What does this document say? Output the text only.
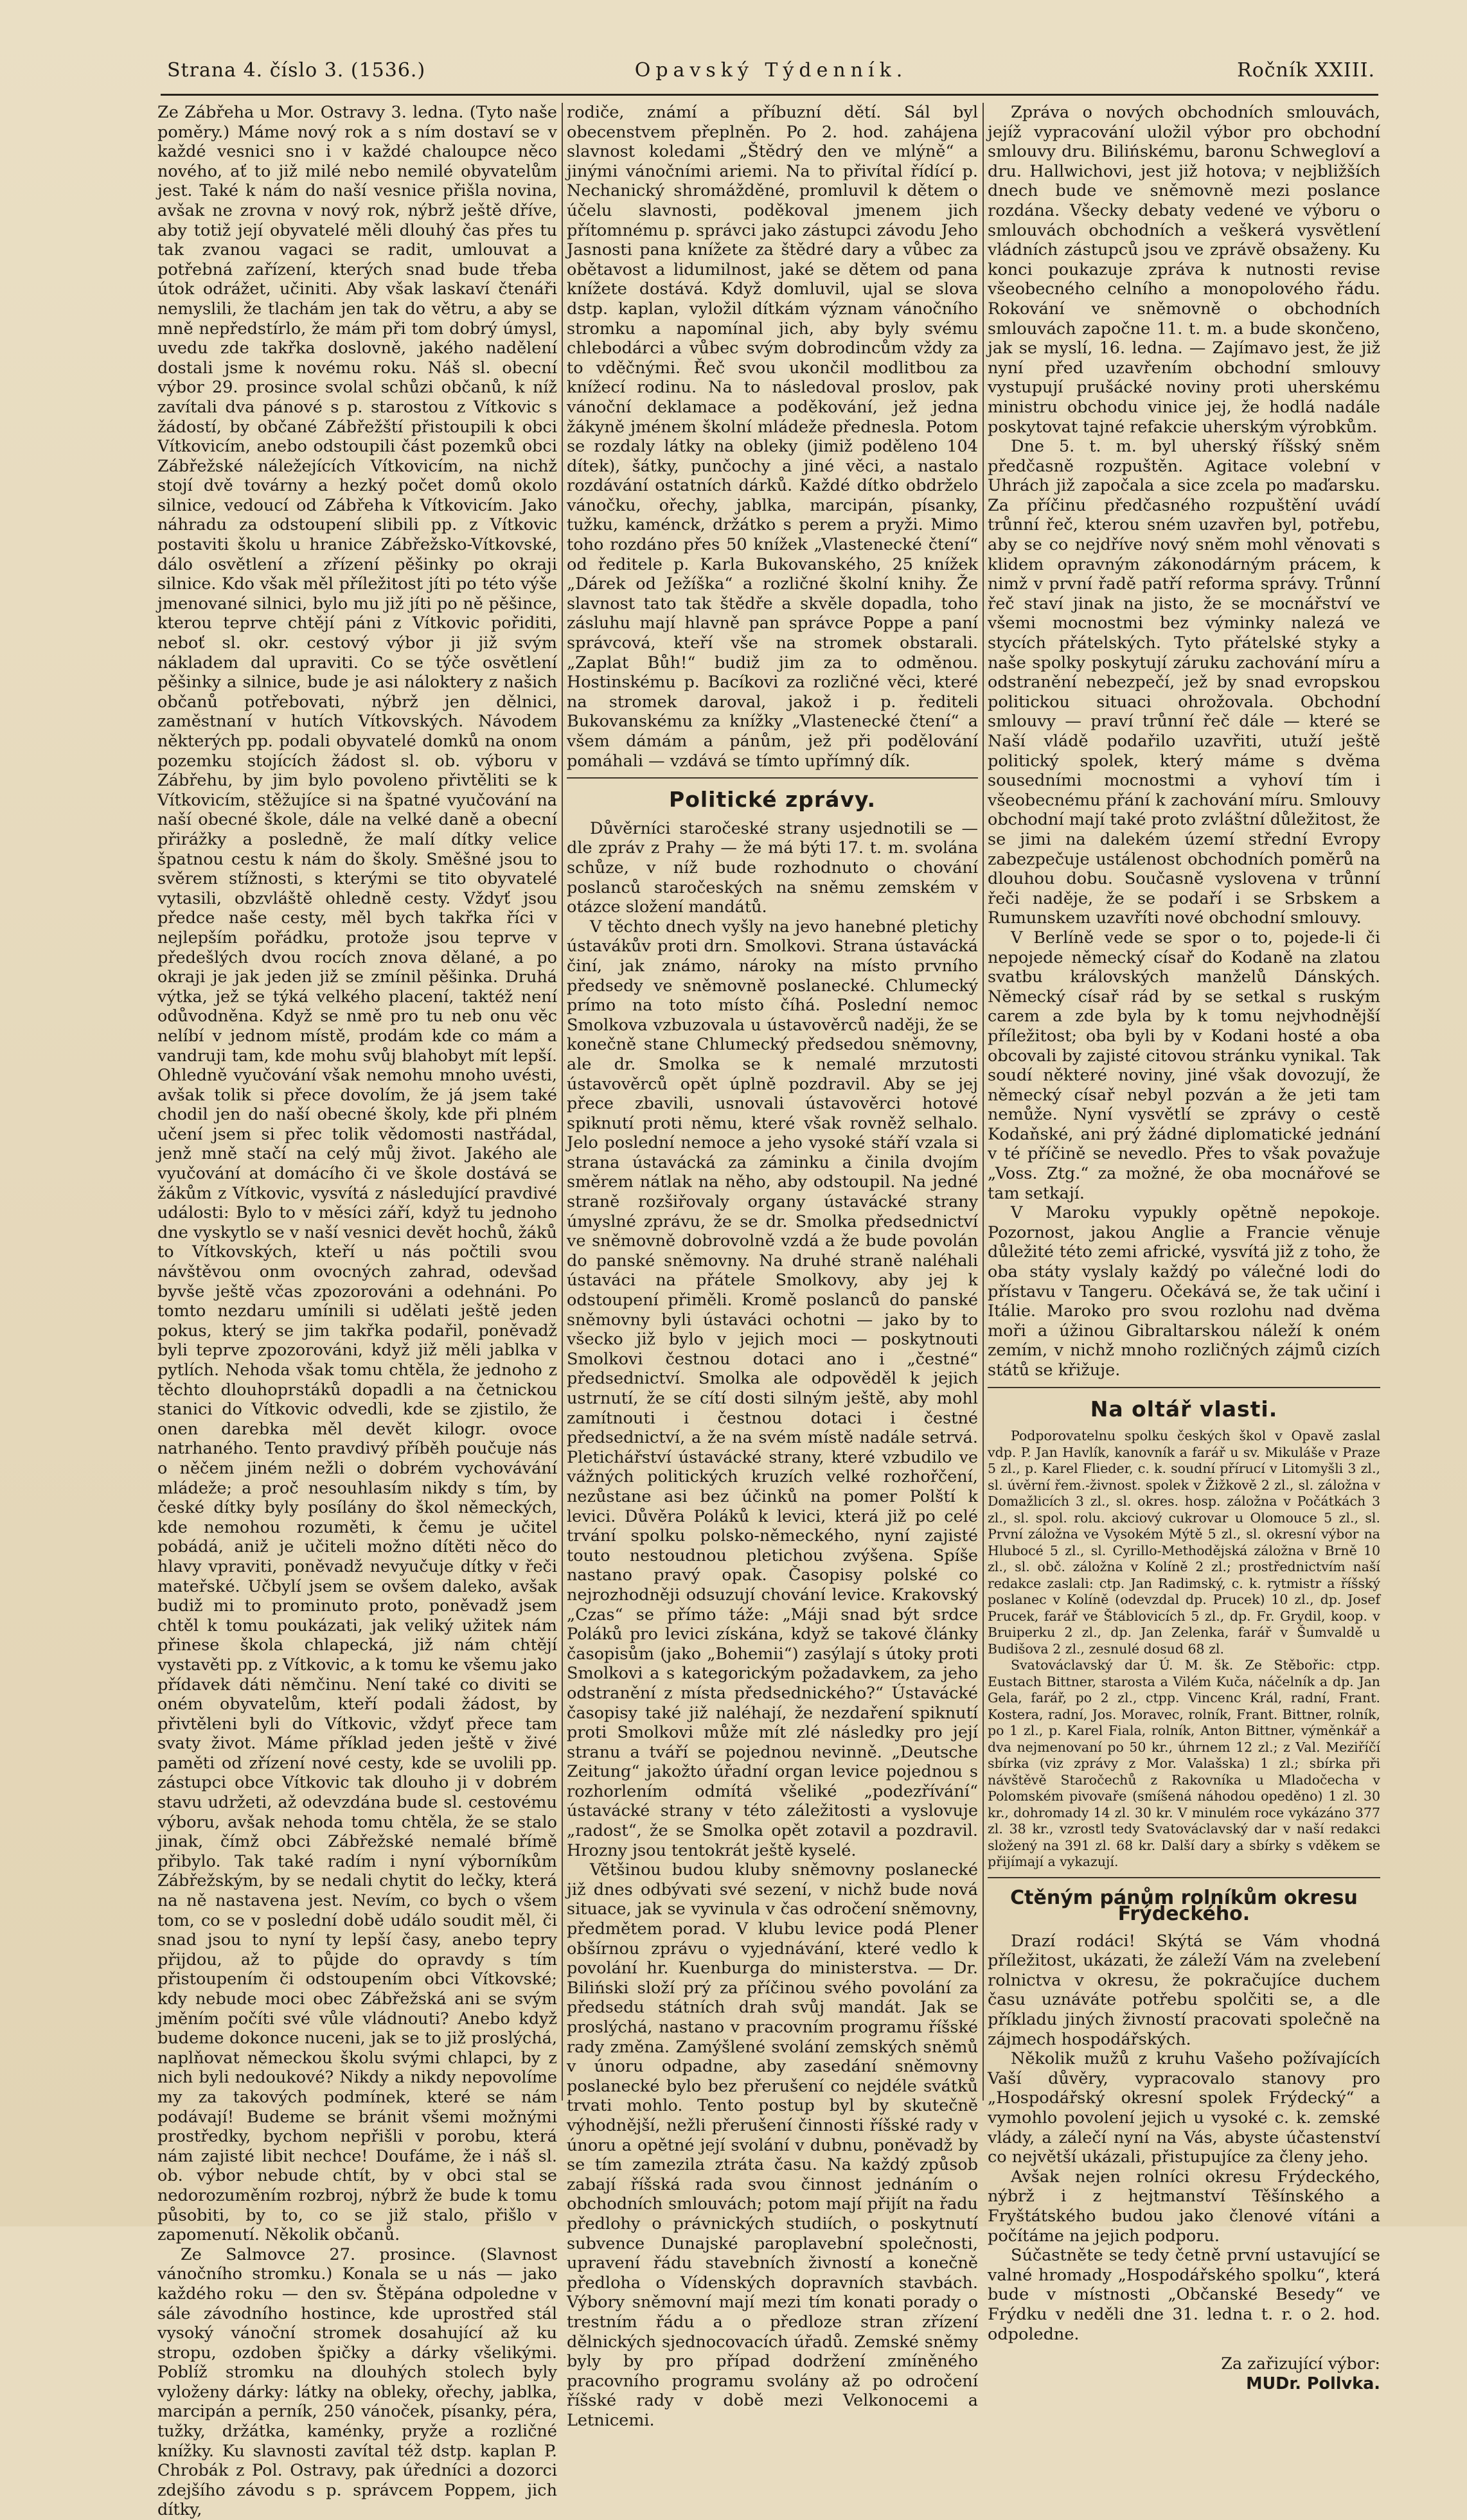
Strana 4. číslo 3. (1536.)	Opavský Týdenník.	Ročník XXIII.

Ze Zábřeha u Mor. Ostravy 3. ledna. (Tyto naše poměry.) Máme nový rok a s ním dostaví se v každé vesnici sno i v každé chaloupce něco nového, ať to již milé nebo nemilé obyvatelům jest. Také k nám do naší vesnice přišla novina, avšak ne zrovna v nový rok, nýbrž ještě dříve, aby totiž její obyvatelé měli dlouhý čas přes tu tak zvanou vagaci se radit, umlouvat a potřebná zařízení, kterých snad bude třeba útok odrážet, učiniti. Aby však laskaví čtenáři nemyslili, že tlachám jen tak do větru, a aby se mně nepředstírlo, že mám při tom dobrý úmysl, uvedu zde takřka doslovně, jakého nadělení dostali jsme k novému roku. Náš sl. obecní výbor 29. prosince svolal schůzi občanů, k níž zavítali dva pánové s p. starostou z Vítkovic s žádostí, by občané Zábřežští přistoupili k obci Vítkovicím, anebo odstoupili část pozemků obci Zábřežské náležejících Vítkovicím, na nichž stojí dvě továrny a hezký počet domů okolo silnice, vedoucí od Zábřeha k Vítkovicím. Jako náhradu za odstoupení slibili pp. z Vítkovic postaviti školu u hranice Zábřežsko-Vítkovské, dálo osvětlení a zřízení pěšinky po okraji silnice. Kdo však měl příležitost jíti po této výše jmenované silnici, bylo mu již jíti po ně pěšince, kterou teprve chtějí páni z Vítkovic pořiditi, neboť sl. okr. cestový výbor ji již svým nákladem dal upraviti. Co se týče osvětlení pěšinky a silnice, bude je asi náloktery z našich občanů potřebovati, nýbrž jen dělnici, zaměstnaní v hutích Vítkovských. Návodem některých pp. podali obyvatelé domků na onom pozemku stojících žádost sl. ob. výboru v Zábřehu, by jim bylo povoleno přivtěliti se k Vítkovicím, stěžujíce si na špatné vyučování na naší obecné škole, dále na velké daně a obecní přirážky a posledně, že malí dítky velice špatnou cestu k nám do školy. Směšné jsou to svěrem stížnosti, s kterými se tito obyvatelé vytasili, obzvláště ohledně cesty. Vždyť jsou předce naše cesty, měl bych takřka říci v nejlepším pořádku, protože jsou teprve v předešlých dvou rocích znova dělané, a po okraji je jak jeden již se zmínil pěšinka. Druhá výtka, jež se týká velkého placení, taktéž není odůvodněna. Když se nmě pro tu neb onu věc nelíbí v jednom místě, prodám kde co mám a vandruji tam, kde mohu svůj blahobyt mít lepší. Ohledně vyučování však nemohu mnoho uvésti, avšak tolik si přece dovolím, že já jsem také chodil jen do naší obecné školy, kde při plném učení jsem si přec tolik vědomosti nastřádal, jenž mně stačí na celý můj život. Jakého ale vyučování at domácího či ve škole dostává se žákům z Vítkovic, vysvítá z následující pravdivé události: Bylo to v měsíci září, když tu jednoho dne vyskytlo se v naší vesnici devět hochů, žáků to Vítkovských, kteří u nás počtili svou návštěvou onm ovocných zahrad, odevšad byvše ještě včas zpozorováni a odehnáni. Po tomto nezdaru umínili si udělati ještě jeden pokus, který se jim takřka podařil, poněvadž byli teprve zpozorováni, když již měli jablka v pytlích. Nehoda však tomu chtěla, že jednoho z těchto dlouhoprstáků dopadli a na četnickou stanici do Vítkovic odvedli, kde se zjistilo, že onen darebka měl devět kilogr. ovoce natrhaného. Tento pravdivý příběh poučuje nás o něčem jiném nežli o dobrém vychovávání mládeže; a proč nesouhlasím nikdy s tím, by české dítky byly posílány do škol německých, kde nemohou rozuměti, k čemu je učitel pobádá, aniž je učiteli možno dítěti něco do hlavy vpraviti, poněvadž nevyučuje dítky v řeči mateřské. Učbylí jsem se ovšem daleko, avšak budiž mi to prominuto proto, poněvadž jsem chtěl k tomu poukázati, jak veliký užitek nám přinese škola chlapecká, již nám chtějí vystavěti pp. z Vítkovic, a k tomu ke všemu jako přídavek dáti němčinu. Není také co diviti se oném obyvatelům, kteří podali žádost, by přivtěleni byli do Vítkovic, vždyť přece tam svaty život. Máme příklad jeden ještě v živé paměti od zřízení nové cesty, kde se uvolili pp. zástupci obce Vítkovic tak dlouho ji v dobrém stavu udržeti, až odevzdána bude sl. cestovému výboru, avšak nehoda tomu chtěla, že se stalo jinak, čímž obci Zábřežské nemalé břímě přibylo. Tak také radím i nyní výborníkům Zábřežským, by se nedali chytit do lečky, která na ně nastavena jest. Nevím, co bych o všem tom, co se v poslední době událo soudit měl, či snad jsou to nyní ty lepší časy, anebo tepry přijdou, až to půjde do opravdy s tím přistoupením či odstoupením obci Vítkovské; kdy nebude moci obec Zábřežská ani se svým jměním počíti své vůle vládnouti? Anebo když budeme dokonce nuceni, jak se to již proslýchá, naplňovat německou školu svými chlapci, by z nich byli nedoukové? Nikdy a nikdy nepovolíme my za takových podmínek, které se nám podávají! Budeme se bránit všemi možnými prostředky, bychom nepřišli v porobu, která nám zajisté libit nechce! Doufáme, že i náš sl. ob. výbor nebude chtít, by v obci stal se nedorozuměním rozbroj, nýbrž že bude k tomu působiti, by to, co se již stalo, přišlo v zapomenutí. Několik občanů.

Ze Salmovce 27. prosince. (Slavnost vánočního stromku.) Konala se u nás — jako každého roku — den sv. Štěpána odpoledne v sále závodního hostince, kde uprostřed stál vysoký vánoční stromek dosahující až ku stropu, ozdoben špičky a dárky všelikými. Poblíž stromku na dlouhých stolech byly vyloženy dárky: látky na obleky, ořechy, jablka, marcipán a perník, 250 vánoček, písanky, péra, tužky, držátka, kaménky, pryže a rozličné knížky. Ku slavnosti zavítal též dstp. kaplan P. Chrobák z Pol. Ostravy, pak úředníci a dozorci zdejšího závodu s p. správcem Poppem, jich dítky,

rodiče, známí a příbuzní dětí. Sál byl obecenstvem přeplněn. Po 2. hod. zahájena slavnost koledami „Štědrý den ve mlýně“ a jinými vánočními ariemi. Na to přivítal řídící p. Nechanický shromážděné, promluvil k dětem o účelu slavnosti, poděkoval jmenem jich přítomnému p. správci jako zástupci závodu Jeho Jasnosti pana knížete za štědré dary a vůbec za obětavost a lidumilnost, jaké se dětem od pana knížete dostává. Když domluvil, ujal se slova dstp. kaplan, vyložil dítkám význam vánočního stromku a napomínal jich, aby byly svému chlebodárci a vůbec svým dobrodincům vždy za to vděčnými. Řeč svou ukončil modlitbou za knížecí rodinu. Na to následoval proslov, pak vánoční deklamace a poděkování, jež jedna žákyně jménem školní mládeže přednesla. Potom se rozdaly látky na obleky (jimiž poděleno 104 dítek), šátky, punčochy a jiné věci, a nastalo rozdávání ostatních dárků. Každé dítko obdrželo vánočku, ořechy, jablka, marcipán, písanky, tužku, kaménck, držátko s perem a pryži. Mimo toho rozdáno přes 50 knížek „Vlastenecké čtení“ od ředitele p. Karla Bukovanského, 25 knížek „Dárek od Ježíška“ a rozličné školní knihy. Že slavnost tato tak štědře a skvěle dopadla, toho zásluhu mají hlavně pan správce Poppe a paní správcová, kteří vše na stromek obstarali. „Zaplat Bůh!“ budiž jim za to odměnou. Hostinskému p. Bacíkovi za rozličné věci, které na stromek daroval, jakož i p. řediteli Bukovanskému za knížky „Vlastenecké čtení“ a všem dámám a pánům, jež při podělování pomáhali — vzdává se tímto upřímný dík.

Politické zprávy.

Důvěrníci staročeské strany usjednotili se — dle zpráv z Prahy — že má býti 17. t. m. svolána schůze, v níž bude rozhodnuto o chování poslanců staročeských na sněmu zemském v otázce složení mandátů.

V těchto dnech vyšly na jevo hanebné pletichy ústavákův proti drn. Smolkovi. Strana ústavácká činí, jak známo, nároky na místo prvního předsedy ve sněmovně poslanecké. Chlumecký prímo na toto místo číhá. Poslední nemoc Smolkova vzbuzovala u ústavověrců naději, že se konečně stane Chlumecký předsedou sněmovny, ale dr. Smolka se k nemalé mrzutosti ústavověrců opět úplně pozdravil. Aby se jej přece zbavili, usnovali ústavověrci hotové spiknutí proti němu, které však rovněž selhalo. Jelo poslední nemoce a jeho vysoké stáří vzala si strana ústavácká za záminku a činila dvojím směrem nátlak na něho, aby odstoupil. Na jedné straně rozšiřovaly organy ústavácké strany úmyslné zprávu, že se dr. Smolka předsednictví ve sněmovně dobrovolně vzdá a že bude povolán do panské sněmovny. Na druhé straně naléhali ústaváci na přátele Smolkovy, aby jej k odstoupení přiměli. Kromě poslanců do panské sněmovny byli ústaváci ochotni — jako by to všecko již bylo v jejich moci — poskytnouti Smolkovi čestnou dotaci ano i „čestné“ předsednictví. Smolka ale odpověděl k jejich ustrnutí, že se cítí dosti silným ještě, aby mohl zamítnouti i čestnou dotaci i čestné předsednictví, a že na svém místě nadále setrvá. Pletichářství ústavácké strany, které vzbudilo ve vážných politických kruzích velké rozhořčení, nezůstane asi bez účinků na pomer Polští k levici. Důvěra Poláků k levici, která již po celé trvání spolku polsko-německého, nyní zajisté touto nestoudnou pletichou zvýšena. Spíše nastano pravý opak. Časopisy polské co nejrozhodněji odsuzují chování levice. Krakovský „Czas“ se přímo táže: „Máji snad být srdce Poláků pro levici získána, když se takové články časopisům (jako „Bohemii“) zasýlají s útoky proti Smolkovi a s kategorickým požadavkem, za jeho odstranění z místa předsednického?“ Ústavácké časopisy také již naléhají, že nezdaření spiknutí proti Smolkovi může mít zlé následky pro její stranu a tváří se pojednou nevinně. „Deutsche Zeitung“ jakožto úřadní organ levice pojednou s rozhorlením odmítá všeliké „podezřívání“ ústavácké strany v této záležitosti a vyslovuje „radost“, že se Smolka opět zotavil a pozdravil. Hrozny jsou tentokrát ještě kyselé.

Většinou budou kluby sněmovny poslanecké již dnes odbývati své sezení, v nichž bude nová situace, jak se vyvinula v čas odročení sněmovny, předmětem porad. V klubu levice podá Plener obšírnou zprávu o vyjednávání, které vedlo k povolání hr. Kuenburga do ministerstva. — Dr. Biliński složí prý za příčinou svého povolání za předsedu státních drah svůj mandát. Jak se proslýchá, nastano v pracovním programu říšské rady změna. Zamýšlené svolání zemských sněmů v únoru odpadne, aby zasedání sněmovny poslanecké bylo bez přerušení co nejdéle svátků trvati mohlo. Tento postup byl by skutečně výhodnější, nežli přerušení činnosti říšské rady v únoru a opětné její svolání v dubnu, poněvadž by se tím zamezila ztráta času. Na každý způsob zabají říšská rada svou činnost jednáním o obchodních smlouvách; potom mají přijít na řadu předlohy o právnických studiích, o poskytnutí subvence Dunajské paroplavební společnosti, upravení řádu stavebních živností a konečně předloha o Vídenských dopravních stavbách. Výbory sněmovní mají mezi tím konati porady o trestním řádu a o předloze stran zřízení dělnických sjednocovacích úřadů. Zemské sněmy byly by pro případ dodržení zmíněného pracovního programu svolány až po odročení říšské rady v době mezi Velkonocemi a Letnicemi.

Zpráva o nových obchodních smlouvách, jejíž vypracování uložil výbor pro obchodní smlouvy dru. Bilińskému, baronu Schwegloví a dru. Hallwichovi, jest již hotova; v nejbližších dnech bude ve sněmovně mezi poslance rozdána. Všecky debaty vedené ve výboru o smlouvách obchodních a veškerá vysvětlení vládních zástupců jsou ve zprávě obsaženy. Ku konci poukazuje zpráva k nutnosti revise všeobecného celního a monopolového řádu. Rokování ve sněmovně o obchodních smlouvách započne 11. t. m. a bude skončeno, jak se myslí, 16. ledna. — Zajímavo jest, že již nyní před uzavřením obchodní smlouvy vystupují prušácké noviny proti uherskému ministru obchodu vinice jej, že hodlá nadále poskytovat tajné refakcie uherským výrobkům.

Dne 5. t. m. byl uherský říšský sněm předčasně rozpuštěn. Agitace volební v Uhrách již započala a sice zcela po maďarsku. Za příčinu předčasného rozpuštění uvádí trůnní řeč, kterou sném uzavřen byl, potřebu, aby se co nejdříve nový sněm mohl věnovati s klidem opravným zákonodárným prácem, k nimž v první řadě patří reforma správy. Trůnní řeč staví jinak na jisto, že se mocnářství ve všemi mocnostmi bez výminky nalezá ve stycích přátelských. Tyto přátelské styky a naše spolky poskytují záruku zachování míru a odstranění nebezpečí, jež by snad evropskou politickou situaci ohrožovala. Obchodní smlouvy — praví trůnní řeč dále — které se Naší vládě podařilo uzavřiti, utuží ještě politický spolek, který máme s dvěma sousedními mocnostmi a vyhoví tím i všeobecnému přání k zachování míru. Smlouvy obchodní mají také proto zvláštní důležitost, že se jimi na dalekém území střední Evropy zabezpečuje ustálenost obchodních poměrů na dlouhou dobu. Současně vyslovena v trůnní řeči naděje, že se podaří i se Srbskem a Rumunskem uzavříti nové obchodní smlouvy.

V Berlíně vede se spor o to, pojede-li či nepojede německý císař do Kodaně na zlatou svatbu královských manželů Dánských. Německý císař rád by se setkal s ruským carem a zde byla by k tomu nejvhodnější příležitost; oba byli by v Kodani hosté a oba obcovali by zajisté citovou stránku vynikal. Tak soudí některé noviny, jiné však dovozují, že německý císař nebyl pozván a že jeti tam nemůže. Nyní vysvětlí se zprávy o cestě Kodaňské, ani prý žádné diplomatické jednání v té příčině se nevedlo. Přes to však považuje „Voss. Ztg.“ za možné, že oba mocnářové se tam setkají.

V Maroku vypukly opětně nepokoje. Pozornost, jakou Anglie a Francie věnuje důležité této zemi africké, vysvítá již z toho, že oba státy vyslaly každý po válečné lodi do přístavu v Tangeru. Očekává se, že tak učiní i Itálie. Maroko pro svou rozlohu nad dvěma moři a úžinou Gibraltarskou náleží k oném zemím, v nichž mnoho rozličných zájmů cizích států se křižuje.

Na oltář vlasti.

Podporovatelnu spolku českých škol v Opavě zaslal vdp. P. Jan Havlík, kanovník a farář u sv. Mikuláše v Praze 5 zl., p. Karel Flieder, c. k. soudní přírucí v Litomyšli 3 zl., sl. úvěrní řem.-živnost. spolek v Žižkově 2 zl., sl. záložna v Domažlicích 3 zl., sl. okres. hosp. záložna v Počátkách 3 zl., sl. spol. rolu. akciový cukrovar u Olomouce 5 zl., sl. První záložna ve Vysokém Mýtě 5 zl., sl. okresní výbor na Hlubocé 5 zl., sl. Cyrillo-Methodějská záložna v Brně 10 zl., sl. obč. záložna v Kolíně 2 zl.; prostřednictvím naší redakce zaslali: ctp. Jan Radimský, c. k. rytmistr a říšský poslanec v Kolíně (odevzdal dp. Prucek) 10 zl., dp. Josef Prucek, farář ve Štáblovicích 5 zl., dp. Fr. Grydil, koop. v Bruiperku 2 zl., dp. Jan Zelenka, farář v Šumvaldě u Budišova 2 zl., zesnulé dosud 68 zl.

Svatováclavský dar Ú. M. šk. Ze Stěbořic: ctpp. Eustach Bittner, starosta a Vilém Kuča, náčelník a dp. Jan Gela, farář, po 2 zl., ctpp. Vincenc Král, radní, Frant. Kostera, radní, Jos. Moravec, rolník, Frant. Bittner, rolník, po 1 zl., p. Karel Fiala, rolník, Anton Bittner, výměnkář a dva nejmenovaní po 50 kr., úhrnem 12 zl.; z Val. Meziříčí sbírka (viz zprávy z Mor. Valašska) 1 zl.; sbírka při návštěvě Staročechů z Rakovníka u Mladočecha v Polomském pivovaře (smíšená náhodou opeděno) 1 zl. 30 kr., dohromady 14 zl. 30 kr. V minulém roce vykázáno 377 zl. 38 kr., vzrostl tedy Svatováclavský dar v naší redakci složený na 391 zl. 68 kr. Další dary a sbírky s vděkem se přijímají a vykazují.

Ctěným pánům rolníkům okresu Frýdeckého.

Drazí rodáci! Skýtá se Vám vhodná příležitost, ukázati, že záleží Vám na zvelebení rolnictva v okresu, že pokračujíce duchem času uznáváte potřebu spolčiti se, a dle příkladu jiných živností pracovati společně na zájmech hospodářských.

Několik mužů z kruhu Vašeho požívajících Vaší důvěry, vypracovalo stanovy pro „Hospodářský okresní spolek Frýdecký“ a vymohlo povolení jejich u vysoké c. k. zemské vlády, a zálečí nyní na Vás, abyste účastenství co největší ukázali, přistupujíce za členy jeho.

Avšak nejen rolníci okresu Frýdeckého, nýbrž i z hejtmanství Těšínského a Fryštátského budou jako členové vítáni a počítáme na jejich podporu.

Súčastněte se tedy četně první ustavující se valné hromady „Hospodářského spolku“, která bude v místnosti „Občanské Besedy“ ve Frýdku v neděli dne 31. ledna t. r. o 2. hod. odpoledne.

Za zařizující výbor:
MUDr. Pollvka.
